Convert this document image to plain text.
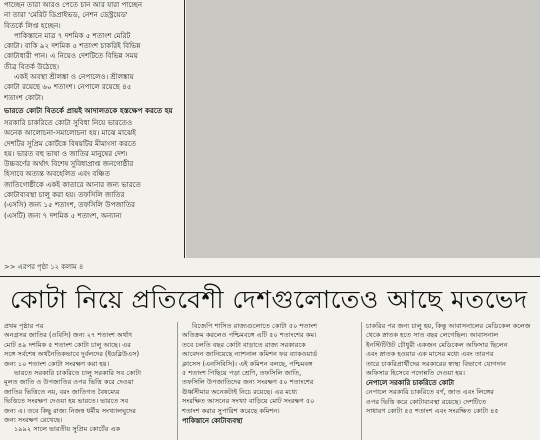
পাচ্ছেন তারা আরও পেতে চান আর যারা পাচ্ছেন

না তারা 'মেরিট ডিপ্রাইভড, নেশন ডেস্ট্রয়েড'

বিতর্কে লিপ্ত হচ্ছেন।

পাকিস্তানে মাত্র ৭ দশমিক ৫ শতাংশ মেরিট

কোটা। বাকি ৯২ দশমিক ৫ শতাংশ চাকরিই বিভিন্ন

কোটাধারী পান। এ নিয়েও দেশটিতে বিভিন্ন সময়

তীব্র বিতর্ক উঠেছে।

একই অবস্থা শ্রীলঙ্কা ও নেপালেও। শ্রীলঙ্কায়

কোটা রয়েছে ৬০ শতাংশ। নেপালে রয়েছে ৪৫

শতাংশ কোটা।

ভারতে কোটা বিতর্কে প্রায়ই আদালতকে হস্তক্ষেপ করতে হয়

সরকারি চাকরিতে কোটা সুবিধা নিয়ে ভারতেও

অনেক আলোচনা-সমালোচনা হয়। মাঝে মাঝেই

দেশটির সুপ্রিম কোর্টকে বিষয়টির মীমাংসা করতে

হয়। ভারত বহু ভাষা ও জাতির মানুষের দেশ।

উচ্চবর্ণের অর্থাৎ বিশেষ সুবিধাপ্রাপ্ত জনগোষ্ঠীর

হিসাবে অত্যন্ত অবহেলিত এবং বঞ্চিত

জাতিগোষ্ঠীকে একই কাতারে আনার জন্য ভারতে

কোটাব্যবস্থা চালু করা হয়। তফসিলি জাতির

(এসসি) জন্য ১৫ শতাংশ, তফসিলি উপজাতির

(এসটি) জন্য ৭ দশমিক ৫ শতাংশ, অন্যান্য

>> এরপর পৃষ্ঠা ১২ কলাম ৪
কোটা নিয়ে প্রতিবেশী দেশগুলোতেও আছে মতভেদ

প্রথম পৃষ্ঠার পর

অনগ্রসর জাতির (ওবিসি) জন্য ২৭ শতাংশ অর্থাৎ

মোট ৪৯ দশমিক ৫ শতাংশ কোটা চালু আছে। এর

সঙ্গে সর্বশেষ অর্থনৈতিকভাবে দুর্বলদের (ইডব্লিউএস)

জন্য ১০ শতাংশ কোটা সংরক্ষণ করা হয়।

ভারতে সরকারি চাকরিতে চালু সরকারি সব কোটা

মূলত জাতি ও উপজাতির ওপর ভিত্তি করে দেওয়া

জাতির ভিত্তিতে নয়, বরং জাতিগত বৈষম্যের

ভিত্তিতে সংরক্ষণ দেওয়া হয় ভারতে। ভারতে সব

জন্য এ। তবে কিছু রাজ্য নিজস্ব ধর্মীয় সংখ্যালঘুদের

জন্য সংরক্ষণ রেখেছে।

১৯৯২ সালে ভারতীয় সুপ্রিম কোর্টের এক

বিজেপি শাসিত রাজ্যগুলোতে কোটা ৫০ শতাংশ

অতিক্রম করলেও পশ্চিমবঙ্গে এটি ৫০ শতাংশের কম।

তবে চলতি বছর কোটা বাড়াতে রাজ্য সরকারকে

আবেদন জানিয়েছে ন্যাশনাল কমিশন ফর ব্যাকওয়ার্ড

ক্লাসেস (এনসিবিসি)। এই কমিশন বলছে, পশ্চিমবঙ্গ

৫ শতাংশ পিছিয়ে পড়া শ্রেণি, তফসিলি জাতি,

তফসিলি উপজাতিদের জন্য সংরক্ষণ ৫০ শতাংশের

ঊর্ধ্বসীমার অনেকটাই নিচে রয়েছে। এর মধ্যে

সংরক্ষিত আসনের সংখ্যা বাড়িয়ে মোট সংরক্ষণ ৫০

শতাংশ করার সুপারিশ করেছে কমিশন।

পাকিস্তানে কোটাব্যবস্থা

চাকরির পর জন্য চালু হয়, কিন্তু আবাসনালের মেডিকেল কলেজ

থেকে স্নাতক হতে সাত বছর লেগেছিল। আবাসনাল

ইনস্টিটিউট চৌধুরী একজন মেডিকেল অফিসার ছিলেন

এবং স্নাতক হওয়ার এক মাসের মধ্যে এবং তারপর

তারে চাকরিপ্রার্থীদের সরকারের স্বাস্থ্য বিভাগে যোগদান

অফিসার হিসেবে পদোন্নতি দেওয়া হয়।

নেপালে সরকারি চাকরিতে কোটা

নেপালে সরকারি চাকরিতে বর্ণ, জাত এবং লিঙ্গের

ওপর ভিত্তি করে কোটাব্যবস্থা রয়েছে। দেশটিতে

সাধারণ কোটা ৫৫ শতাংশ এবং সংরক্ষিত কোটা ৪৫
